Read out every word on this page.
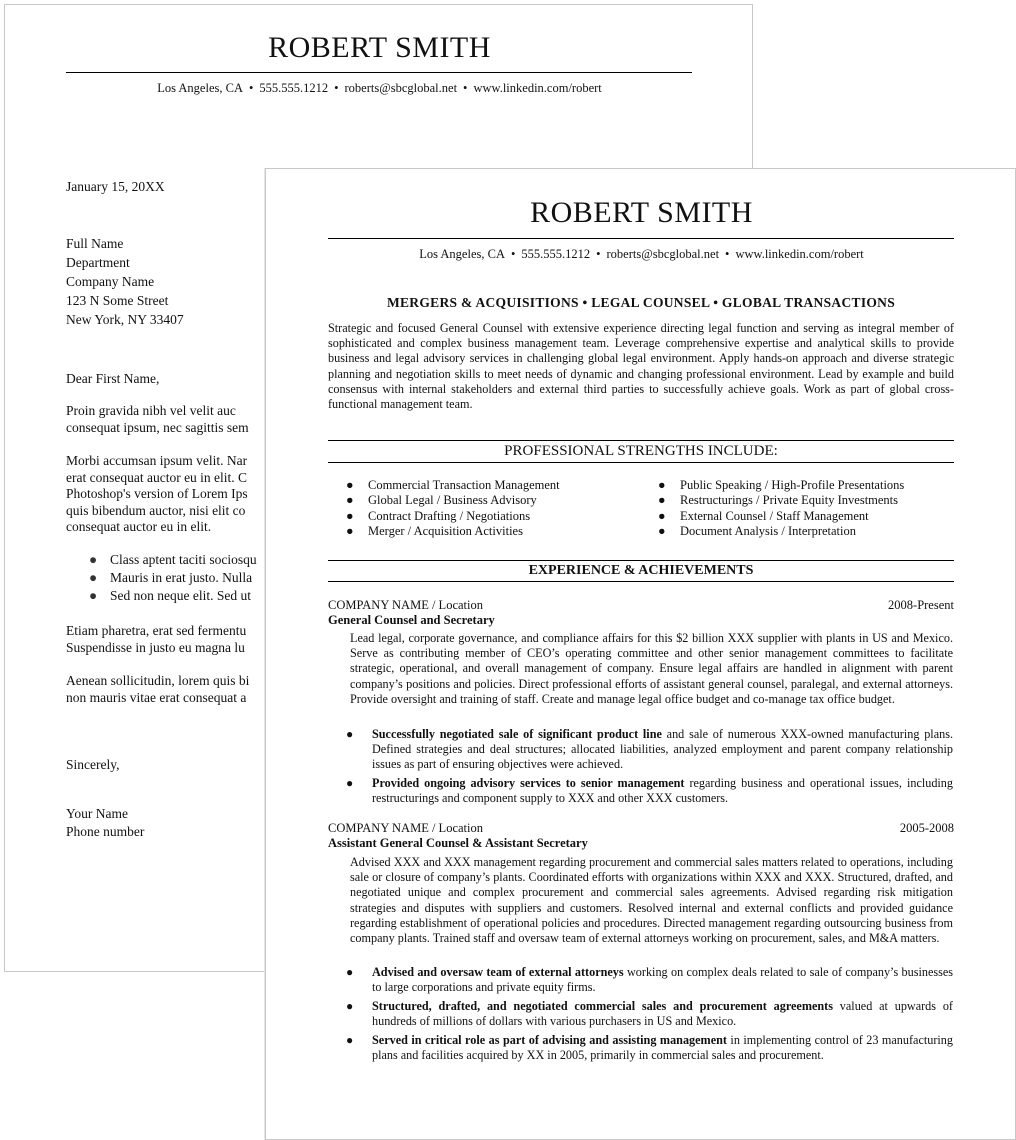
ROBERT SMITH
Los Angeles, CA • 555.555.1212 • roberts@sbcglobal.net • www.linkedin.com/robert
January 15, 20XX
Full Name
Department
Company Name
123 N Some Street
New York, NY 33407
Dear First Name,
Proin gravida nibh vel velit auc
consequat ipsum, nec sagittis sem
Morbi accumsan ipsum velit. Nar
erat consequat auctor eu in elit. C
Photoshop's version of Lorem Ips
quis bibendum auctor, nisi elit co
consequat auctor eu in elit.
● Class aptent taciti sociosqu
● Mauris in erat justo. Nulla
● Sed non neque elit. Sed ut
Etiam pharetra, erat sed fermentu
Suspendisse in justo eu magna lu
Aenean sollicitudin, lorem quis bi
non mauris vitae erat consequat a
Sincerely,
Your Name
Phone number
ROBERT SMITH
Los Angeles, CA • 555.555.1212 • roberts@sbcglobal.net • www.linkedin.com/robert
MERGERS & ACQUISITIONS • LEGAL COUNSEL • GLOBAL TRANSACTIONS
Strategic and focused General Counsel with extensive experience directing legal function and serving as integral member of sophisticated and complex business management team. Leverage comprehensive expertise and analytical skills to provide business and legal advisory services in challenging global legal environment. Apply hands-on approach and diverse strategic planning and negotiation skills to meet needs of dynamic and changing professional environment. Lead by example and build consensus with internal stakeholders and external third parties to successfully achieve goals. Work as part of global cross-functional management team.
PROFESSIONAL STRENGTHS INCLUDE:
● Commercial Transaction Management
● Global Legal / Business Advisory
● Contract Drafting / Negotiations
● Merger / Acquisition Activities
● Public Speaking / High-Profile Presentations
● Restructurings / Private Equity Investments
● External Counsel / Staff Management
● Document Analysis / Interpretation
EXPERIENCE & ACHIEVEMENTS
COMPANY NAME / Location	2008-Present
General Counsel and Secretary
Lead legal, corporate governance, and compliance affairs for this $2 billion XXX supplier with plants in US and Mexico. Serve as contributing member of CEO’s operating committee and other senior management committees to facilitate strategic, operational, and overall management of company. Ensure legal affairs are handled in alignment with parent company’s positions and policies. Direct professional efforts of assistant general counsel, paralegal, and external attorneys. Provide oversight and training of staff. Create and manage legal office budget and co-manage tax office budget.
● Successfully negotiated sale of significant product line and sale of numerous XXX-owned manufacturing plans. Defined strategies and deal structures; allocated liabilities, analyzed employment and parent company relationship issues as part of ensuring objectives were achieved.
● Provided ongoing advisory services to senior management regarding business and operational issues, including restructurings and component supply to XXX and other XXX customers.
COMPANY NAME / Location	2005-2008
Assistant General Counsel & Assistant Secretary
Advised XXX and XXX management regarding procurement and commercial sales matters related to operations, including sale or closure of company’s plants. Coordinated efforts with organizations within XXX and XXX. Structured, drafted, and negotiated unique and complex procurement and commercial sales agreements. Advised regarding risk mitigation strategies and disputes with suppliers and customers. Resolved internal and external conflicts and provided guidance regarding establishment of operational policies and procedures. Directed management regarding outsourcing business from company plants. Trained staff and oversaw team of external attorneys working on procurement, sales, and M&A matters.
● Advised and oversaw team of external attorneys working on complex deals related to sale of company’s businesses to large corporations and private equity firms.
● Structured, drafted, and negotiated commercial sales and procurement agreements valued at upwards of hundreds of millions of dollars with various purchasers in US and Mexico.
● Served in critical role as part of advising and assisting management in implementing control of 23 manufacturing plans and facilities acquired by XX in 2005, primarily in commercial sales and procurement.
